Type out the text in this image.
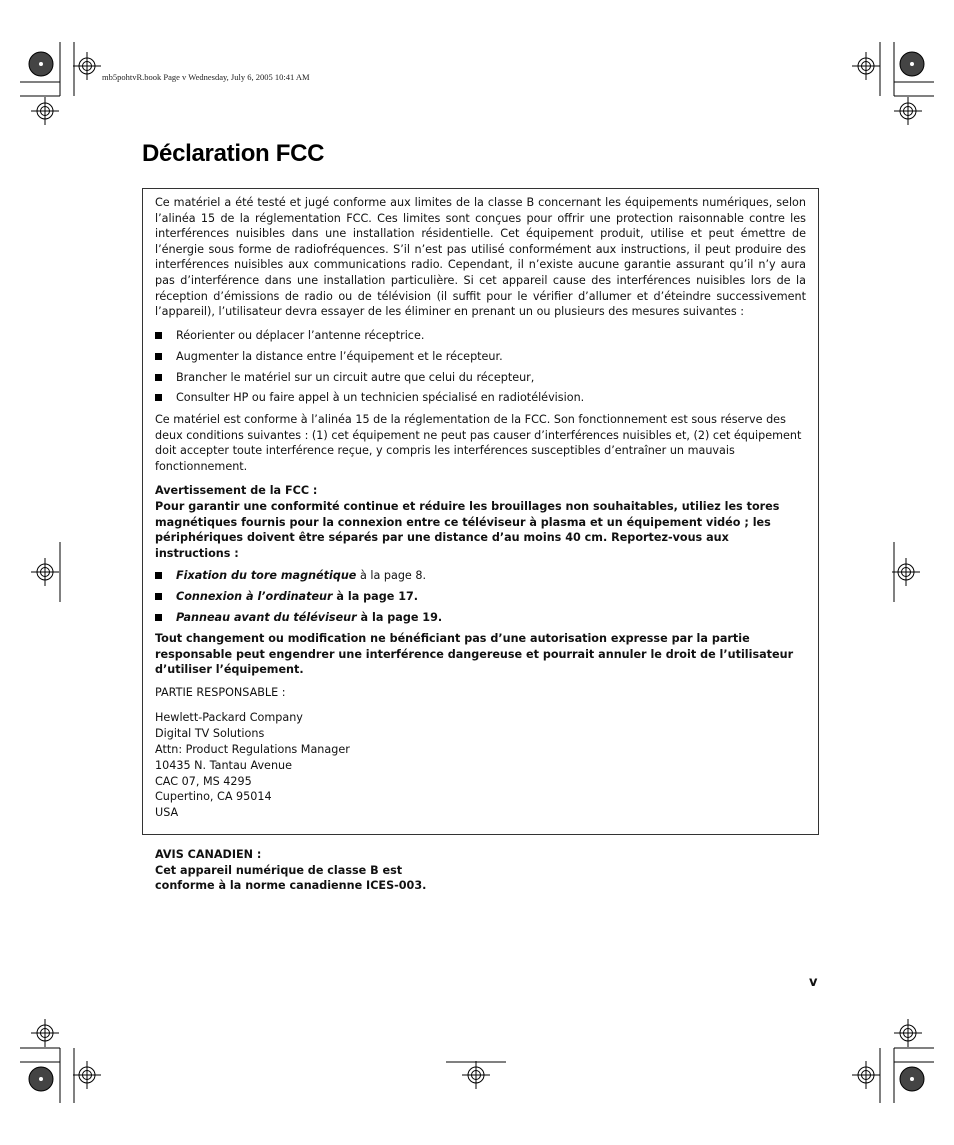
mb5pohtvR.book Page v Wednesday, July 6, 2005 10:41 AM
Déclaration FCC

Ce matériel a été testé et jugé conforme aux limites de la classe B concernant les équipements numériques, selon l’alinéa 15 de la réglementation FCC. Ces limites sont conçues pour offrir une protection raisonnable contre les interférences nuisibles dans une installation résidentielle. Cet équipement produit, utilise et peut émettre de l’énergie sous forme de radiofréquences. S’il n’est pas utilisé conformément aux instructions, il peut produire des interférences nuisibles aux communications radio. Cependant, il n’existe aucune garantie assurant qu’il n’y aura pas d’interférence dans une installation particulière. Si cet appareil cause des interférences nuisibles lors de la réception d’émissions de radio ou de télévision (il suffit pour le vérifier d’allumer et d’éteindre successivement l’appareil), l’utilisateur devra essayer de les éliminer en prenant un ou plusieurs des mesures suivantes :

Réorienter ou déplacer l’antenne réceptrice.
Augmenter la distance entre l’équipement et le récepteur.
Brancher le matériel sur un circuit autre que celui du récepteur,
Consulter HP ou faire appel à un technicien spécialisé en radiotélévision.

Ce matériel est conforme à l’alinéa 15 de la réglementation de la FCC. Son fonctionnement est sous réserve des deux conditions suivantes : (1) cet équipement ne peut pas causer d’interférences nuisibles et, (2) cet équipement doit accepter toute interférence reçue, y compris les interférences susceptibles d’entraîner un mauvais fonctionnement.

Avertissement de la FCC :
Pour garantir une conformité continue et réduire les brouillages non souhaitables, utiliez les tores magnétiques fournis pour la connexion entre ce téléviseur à plasma et un équipement vidéo ; les périphériques doivent être séparés par une distance d’au moins 40 cm. Reportez-vous aux instructions :

Fixation du tore magnétique à la page 8.
Connexion à l’ordinateur à la page 17.
Panneau avant du téléviseur à la page 19.

Tout changement ou modification ne bénéficiant pas d’une autorisation expresse par la partie responsable peut engendrer une interférence dangereuse et pourrait annuler le droit de l’utilisateur d’utiliser l’équipement.

PARTIE RESPONSABLE :

Hewlett-Packard Company
Digital TV Solutions
Attn: Product Regulations Manager
10435 N. Tantau Avenue
CAC 07, MS 4295
Cupertino, CA 95014
USA
AVIS CANADIEN :
Cet appareil numérique de classe B est
conforme à la norme canadienne ICES-003.
v
